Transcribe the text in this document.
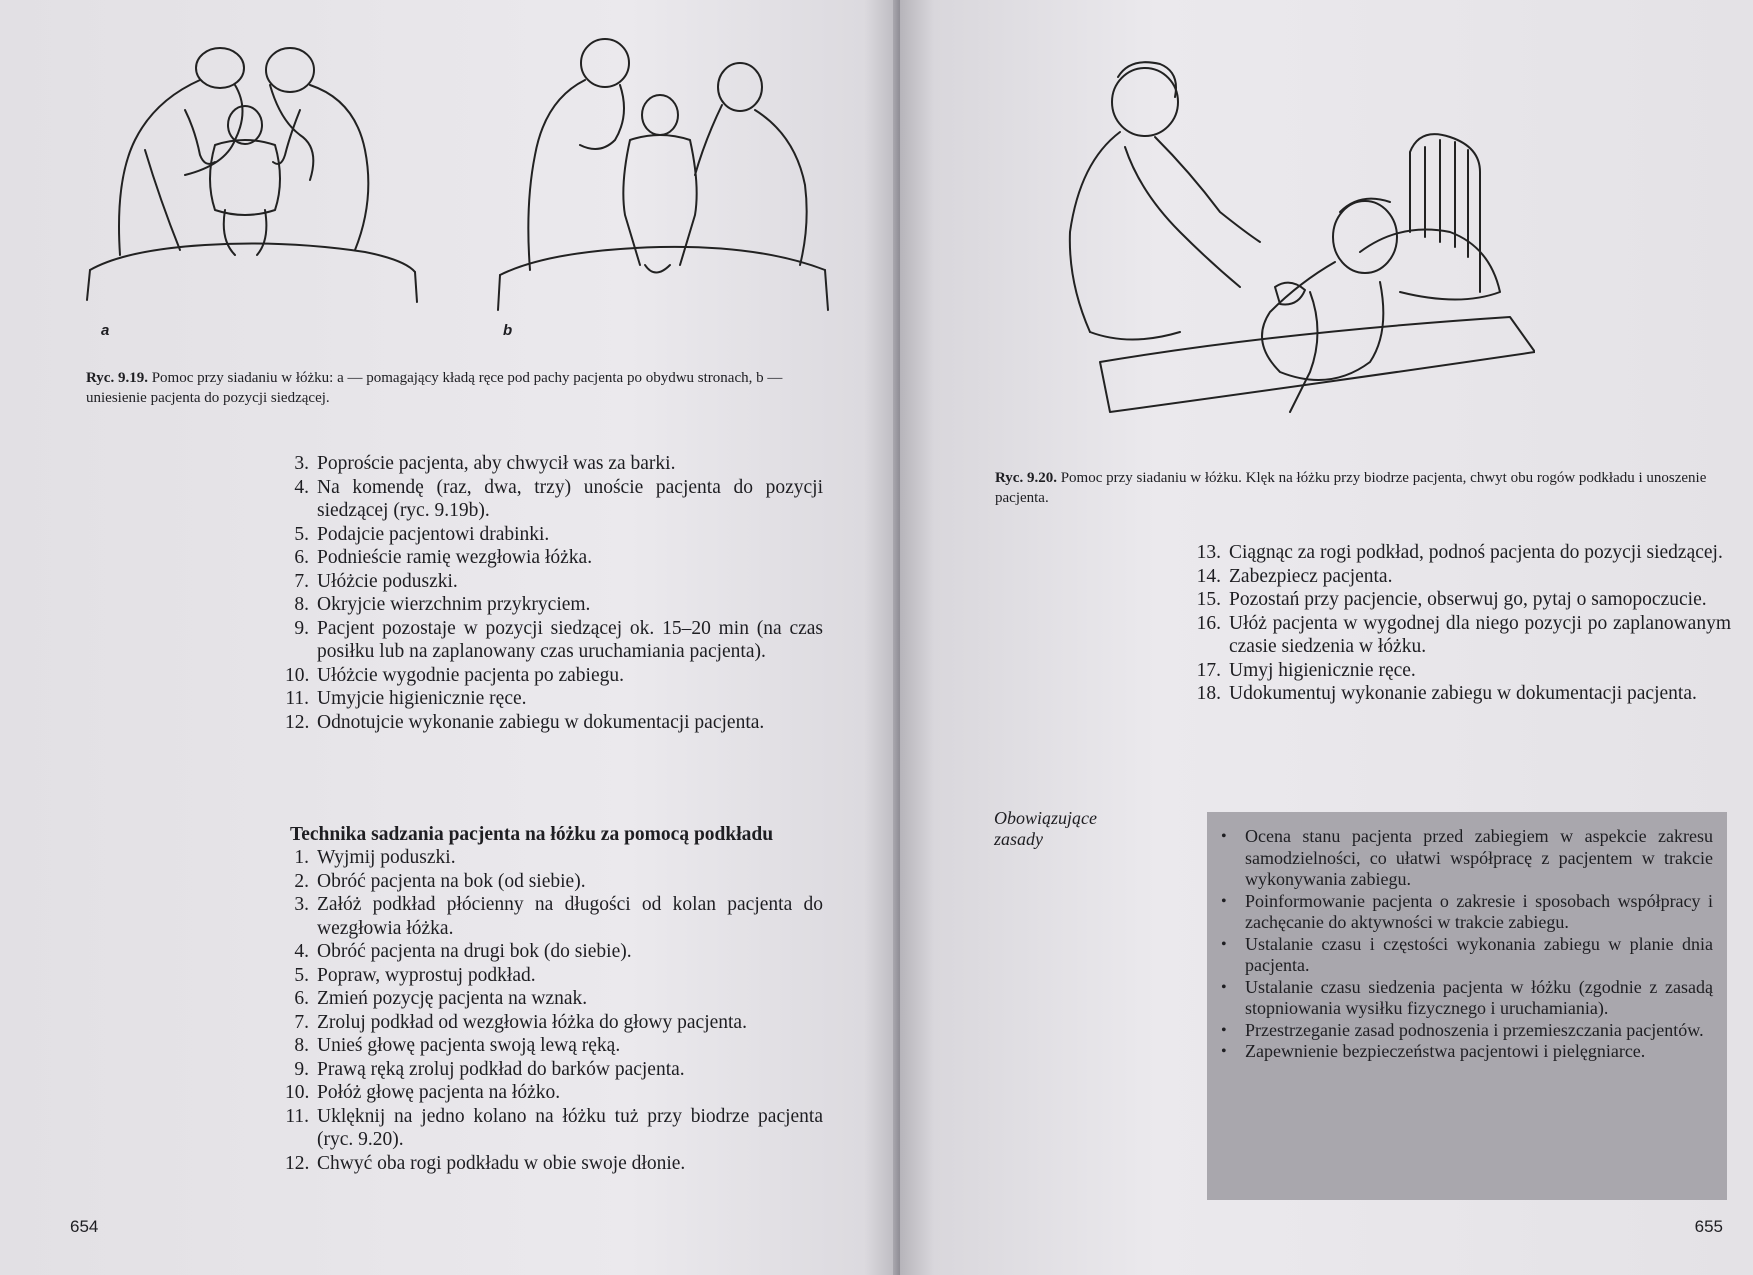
a	b
Ryc. 9.19. Pomoc przy siadaniu w łóżku: a — pomagający kładą ręce pod pachy pacjenta po obydwu stronach, b — uniesienie pacjenta do pozycji siedzącej.
3. Poproście pacjenta, aby chwycił was za barki.
4. Na komendę (raz, dwa, trzy) unoście pacjenta do pozycji siedzącej (ryc. 9.19b).
5. Podajcie pacjentowi drabinki.
6. Podnieście ramię wezgłowia łóżka.
7. Ułóżcie poduszki.
8. Okryjcie wierzchnim przykryciem.
9. Pacjent pozostaje w pozycji siedzącej ok. 15–20 min (na czas posiłku lub na zaplanowany czas uruchamiania pacjenta).
10. Ułóżcie wygodnie pacjenta po zabiegu.
11. Umyjcie higienicznie ręce.
12. Odnotujcie wykonanie zabiegu w dokumentacji pacjenta.
Technika sadzania pacjenta na łóżku za pomocą podkładu
1. Wyjmij poduszki.
2. Obróć pacjenta na bok (od siebie).
3. Załóż podkład płócienny na długości od kolan pacjenta do wezgłowia łóżka.
4. Obróć pacjenta na drugi bok (do siebie).
5. Popraw, wyprostuj podkład.
6. Zmień pozycję pacjenta na wznak.
7. Zroluj podkład od wezgłowia łóżka do głowy pacjenta.
8. Unieś głowę pacjenta swoją lewą ręką.
9. Prawą ręką zroluj podkład do barków pacjenta.
10. Połóż głowę pacjenta na łóżko.
11. Uklęknij na jedno kolano na łóżku tuż przy biodrze pacjenta (ryc. 9.20).
12. Chwyć oba rogi podkładu w obie swoje dłonie.
654
Ryc. 9.20. Pomoc przy siadaniu w łóżku. Klęk na łóżku przy biodrze pacjenta, chwyt obu rogów podkładu i unoszenie pacjenta.
13. Ciągnąc za rogi podkład, podnoś pacjenta do pozycji siedzącej.
14. Zabezpiecz pacjenta.
15. Pozostań przy pacjencie, obserwuj go, pytaj o samopoczucie.
16. Ułóż pacjenta w wygodnej dla niego pozycji po zaplanowanym czasie siedzenia w łóżku.
17. Umyj higienicznie ręce.
18. Udokumentuj wykonanie zabiegu w dokumentacji pacjenta.
Obowiązujące zasady	•	Ocena stanu pacjenta przed zabiegiem w aspekcie zakresu samodzielności, co ułatwi współpracę z pacjentem w trakcie wykonywania zabiegu.
•	Poinformowanie pacjenta o zakresie i sposobach współpracy i zachęcanie do aktywności w trakcie zabiegu.
•	Ustalanie czasu i częstości wykonania zabiegu w planie dnia pacjenta.
•	Ustalanie czasu siedzenia pacjenta w łóżku (zgodnie z zasadą stopniowania wysiłku fizycznego i uruchamiania).
•	Przestrzeganie zasad podnoszenia i przemieszczania pacjentów.
•	Zapewnienie bezpieczeństwa pacjentowi i pielęgniarce.
655
